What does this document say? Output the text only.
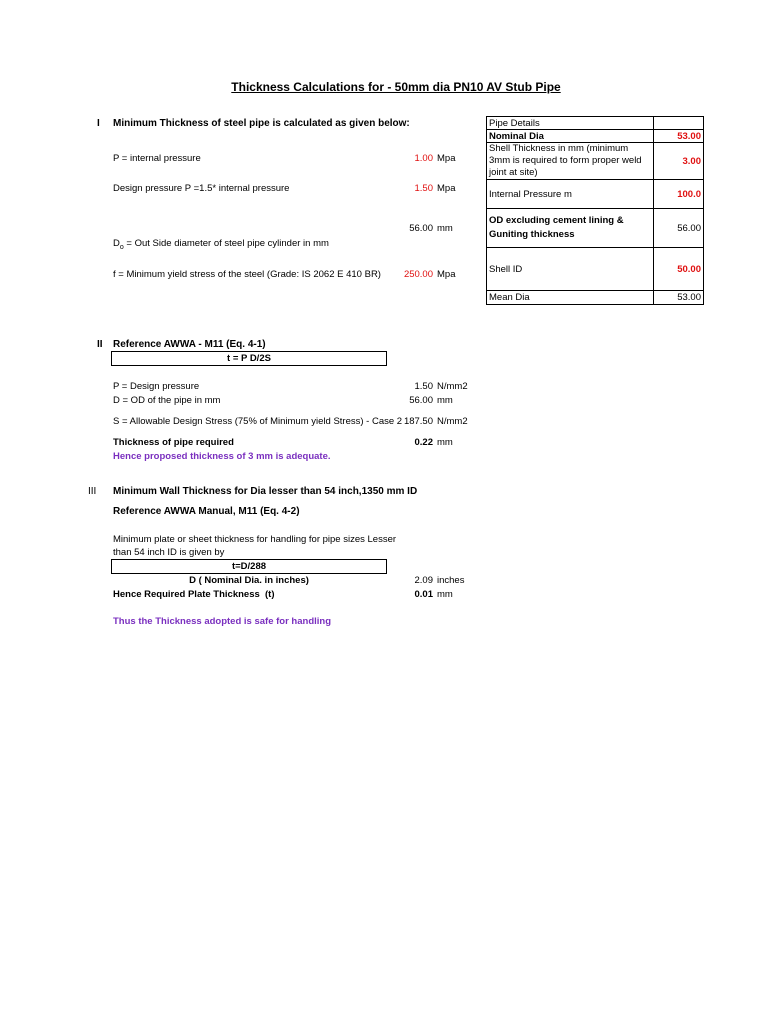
Thickness Calculations for - 50mm dia PN10 AV Stub Pipe
I Minimum Thickness of steel pipe is calculated as given below:
P = internal pressure	1.00 Mpa
Design pressure P =1.5* internal pressure	1.50 Mpa
56.00 mm
$D_o$ = Out Side diameter of steel pipe cylinder in mm
f = Minimum yield stress of the steel (Grade: IS 2062 E 410 BR)	250.00 Mpa
Pipe Details	
Nominal Dia	53.00
Shell Thickness in mm (minimum 3mm is required to form proper weld joint at site)	3.00
Internal Pressure m	100.0
OD excluding cement lining & Guniting thickness	56.00
Shell ID	50.00
Mean Dia	53.00
II Reference AWWA - M11 (Eq. 4-1)
t = P D/2S
P = Design pressure	1.50 N/mm2
D = OD of the pipe in mm	56.00 mm
S = Allowable Design Stress (75% of Minimum yield Stress) - Case 2 187.50 N/mm2
Thickness of pipe required	0.22 mm
Hence proposed thickness of 3 mm is adequate.
III Minimum Wall Thickness for Dia lesser than 54 inch,1350 mm ID
Reference AWWA Manual, M11 (Eq. 4-2)
Minimum plate or sheet thickness for handling for pipe sizes Lesser
than 54 inch ID is given by
t=D/288
D ( Nominal Dia. in inches)	2.09 inches
Hence Required Plate Thickness (t)	0.01 mm
Thus the Thickness adopted is safe for handling
